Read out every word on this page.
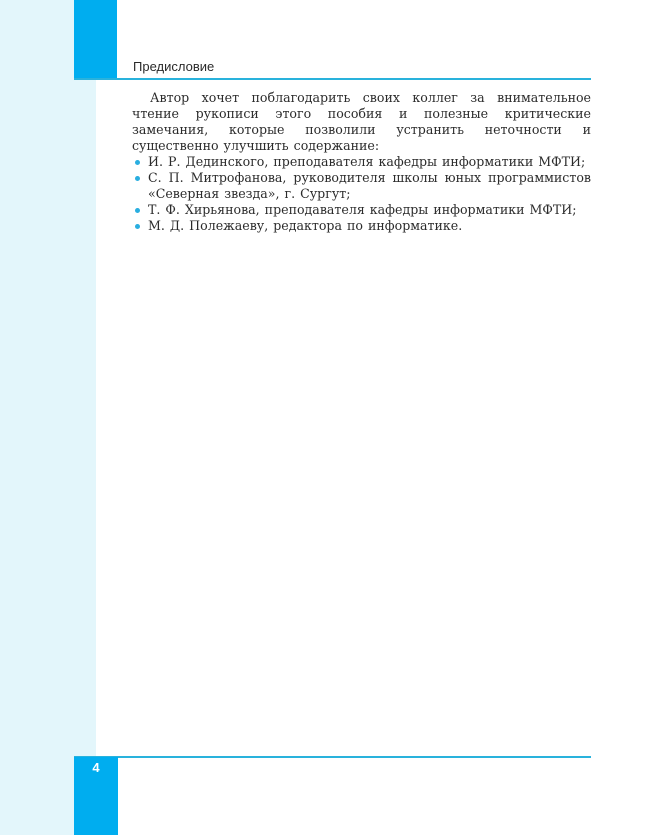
Предисловие

Автор хочет поблагодарить своих коллег за внимательное чтение рукописи этого пособия и полезные критические замечания, которые позволили устранить неточности и существенно улучшить содержание:

И. Р. Дединского, преподавателя кафедры информатики МФТИ;
С. П. Митрофанова, руководителя школы юных программистов
«Северная звезда», г. Сургут;
Т. Ф. Хирьянова, преподавателя кафедры информатики МФТИ;
М. Д. Полежаеву, редактора по информатике.
4
